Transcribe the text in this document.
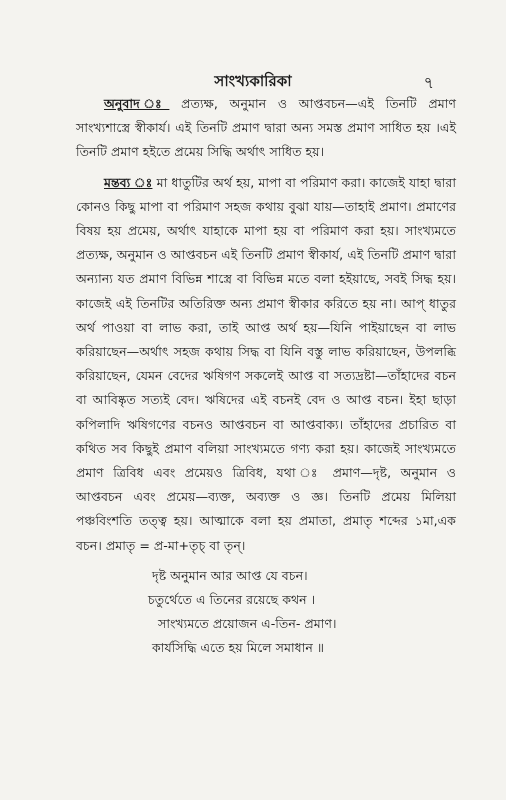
সাংখ্যকারিকা	৭

অনুবাদ ঃ প্রত্যক্ষ, অনুমান ও আপ্তবচন—এই তিনটি প্রমাণ সাংখ্যশাস্ত্রে স্বীকার্য। এই তিনটি প্রমাণ দ্বারা অন্য সমস্ত প্রমাণ সাধিত হয় ।এই তিনটি প্রমাণ হইতে প্রমেয় সিদ্ধি অর্থাৎ সাধিত হয়।

মন্তব্য ঃ মা ধাতুটির অর্থ হয়, মাপা বা পরিমাণ করা। কাজেই যাহা দ্বারা কোনও কিছু মাপা বা পরিমাণ সহজ কথায় বুঝা যায়—তাহাই প্রমাণ। প্রমাণের বিষয় হয় প্রমেয়, অর্থাৎ যাহাকে মাপা হয় বা পরিমাণ করা হয়। সাংখ্যমতে প্রত্যক্ষ, অনুমান ও আপ্তবচন এই তিনটি প্রমাণ স্বীকার্য, এই তিনটি প্রমাণ দ্বারা অন্যান্য যত প্রমাণ বিভিন্ন শাস্ত্রে বা বিভিন্ন মতে বলা হইয়াছে, সবই সিদ্ধ হয়। কাজেই এই তিনটির অতিরিক্ত অন্য প্রমাণ স্বীকার করিতে হয় না। আপ্ ধাতুর অর্থ পাওয়া বা লাভ করা, তাই আপ্ত অর্থ হয়—যিনি পাইয়াছেন বা লাভ করিয়াছেন—অর্থাৎ সহজ কথায় সিদ্ধ বা যিনি বস্তু লাভ করিয়াছেন, উপলব্ধি করিয়াছেন, যেমন বেদের ঋষিগণ সকলেই আপ্ত বা সত্যদ্রষ্টা—তাঁহাদের বচন বা আবিষ্কৃত সত্যই বেদ। ঋষিদের এই বচনই বেদ ও আপ্ত বচন। ইহা ছাড়া কপিলাদি ঋষিগণের বচনও আপ্তবচন বা আপ্তবাক্য। তাঁহাদের প্রচারিত বা কথিত সব কিছুই প্রমাণ বলিয়া সাংখ্যমতে গণ্য করা হয়। কাজেই সাংখ্যমতে প্রমাণ ত্রিবিধ এবং প্রমেয়ও ত্রিবিধ, যথা ঃ প্রমাণ—দৃষ্ট, অনুমান ও আপ্তবচন এবং প্রমেয়—ব্যক্ত, অব্যক্ত ও জ্ঞ। তিনটি প্রমেয় মিলিয়া পঞ্চবিংশতি তত্ত্ব হয়। আত্মাকে বলা হয় প্রমাতা, প্রমাতৃ শব্দের ১মা,এক বচন। প্রমাতৃ = প্র-মা+তৃচ্ বা তৃন্।

দৃষ্ট অনুমান আর আপ্ত যে বচন।
চতুর্থেতে এ তিনের রয়েছে কথন ।
সাংখ্যমতে প্রয়োজন এ-তিন- প্রমাণ।
কার্যসিদ্ধি এতে হয় মিলে সমাধান ॥
